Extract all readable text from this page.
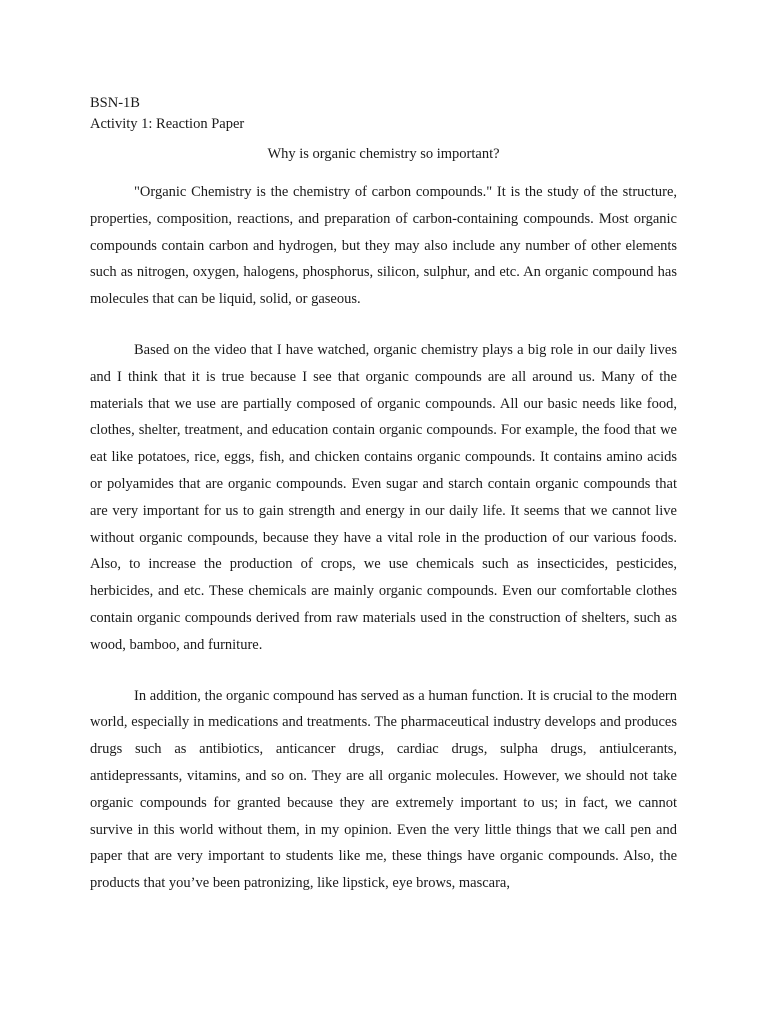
BSN-1B

Activity 1: Reaction Paper

Why is organic chemistry so important?

"Organic Chemistry is the chemistry of carbon compounds." It is the study of the structure, properties, composition, reactions, and preparation of carbon-containing compounds. Most organic compounds contain carbon and hydrogen, but they may also include any number of other elements such as nitrogen, oxygen, halogens, phosphorus, silicon, sulphur, and etc. An organic compound has molecules that can be liquid, solid, or gaseous.

Based on the video that I have watched, organic chemistry plays a big role in our daily lives and I think that it is true because I see that organic compounds are all around us. Many of the materials that we use are partially composed of organic compounds. All our basic needs like food, clothes, shelter, treatment, and education contain organic compounds. For example, the food that we eat like potatoes, rice, eggs, fish, and chicken contains organic compounds. It contains amino acids or polyamides that are organic compounds. Even sugar and starch contain organic compounds that are very important for us to gain strength and energy in our daily life. It seems that we cannot live without organic compounds, because they have a vital role in the production of our various foods. Also, to increase the production of crops, we use chemicals such as insecticides, pesticides, herbicides, and etc. These chemicals are mainly organic compounds. Even our comfortable clothes contain organic compounds derived from raw materials used in the construction of shelters, such as wood, bamboo, and furniture.

In addition, the organic compound has served as a human function. It is crucial to the modern world, especially in medications and treatments. The pharmaceutical industry develops and produces drugs such as antibiotics, anticancer drugs, cardiac drugs, sulpha drugs, antiulcerants, antidepressants, vitamins, and so on. They are all organic molecules. However, we should not take organic compounds for granted because they are extremely important to us; in fact, we cannot survive in this world without them, in my opinion. Even the very little things that we call pen and paper that are very important to students like me, these things have organic compounds. Also, the products that you’ve been patronizing, like lipstick, eye brows, mascara,
